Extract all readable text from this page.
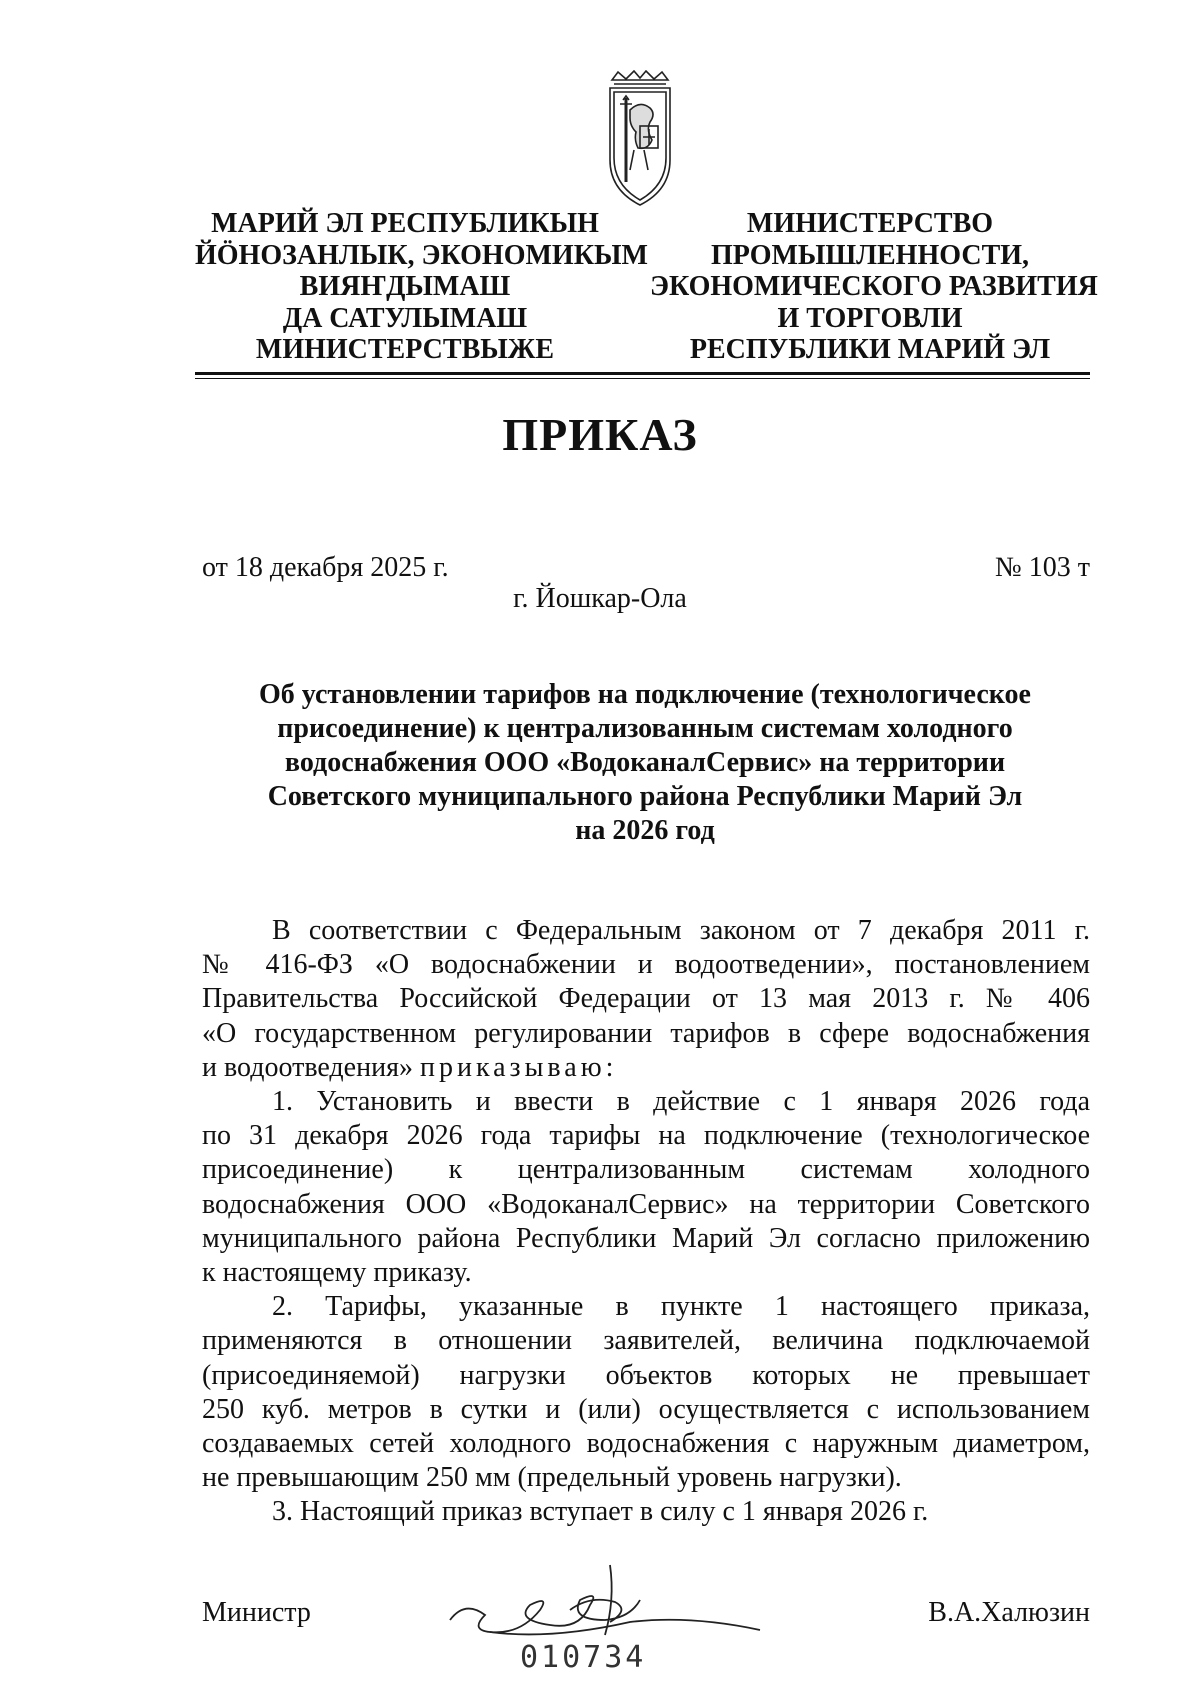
МАРИЙ ЭЛ РЕСПУБЛИКЫН
ЙÖНОЗАНЛЫК, ЭКОНОМИКЫМ
ВИЯҤДЫМАШ
ДА САТУЛЫМАШ
МИНИСТЕРСТВЫЖЕ
МИНИСТЕРСТВО
ПРОМЫШЛЕННОСТИ,
ЭКОНОМИЧЕСКОГО РАЗВИТИЯ
И ТОРГОВЛИ
РЕСПУБЛИКИ МАРИЙ ЭЛ
ПРИКАЗ
от 18 декабря 2025 г.	№ 103 т
г. Йошкар-Ола
Об установлении тарифов на подключение (технологическое
присоединение) к централизованным системам холодного
водоснабжения ООО «ВодоканалСервис» на территории
Советского муниципального района Республики Марий Эл
на 2026 год
В соответствии с Федеральным законом от 7 декабря 2011 г.
№ 416-ФЗ «О водоснабжении и водоотведении», постановлением
Правительства Российской Федерации от 13 мая 2013 г. № 406
«О государственном регулировании тарифов в сфере водоснабжения
и водоотведения» приказываю:
1. Установить и ввести в действие с 1 января 2026 года
по 31 декабря 2026 года тарифы на подключение (технологическое
присоединение) к централизованным системам холодного
водоснабжения ООО «ВодоканалСервис» на территории Советского
муниципального района Республики Марий Эл согласно приложению
к настоящему приказу.
2. Тарифы, указанные в пункте 1 настоящего приказа,
применяются в отношении заявителей, величина подключаемой
(присоединяемой) нагрузки объектов которых не превышает
250 куб. метров в сутки и (или) осуществляется с использованием
создаваемых сетей холодного водоснабжения с наружным диаметром,
не превышающим 250 мм (предельный уровень нагрузки).
3. Настоящий приказ вступает в силу с 1 января 2026 г.
Министр
010734
В.А.Халюзин
